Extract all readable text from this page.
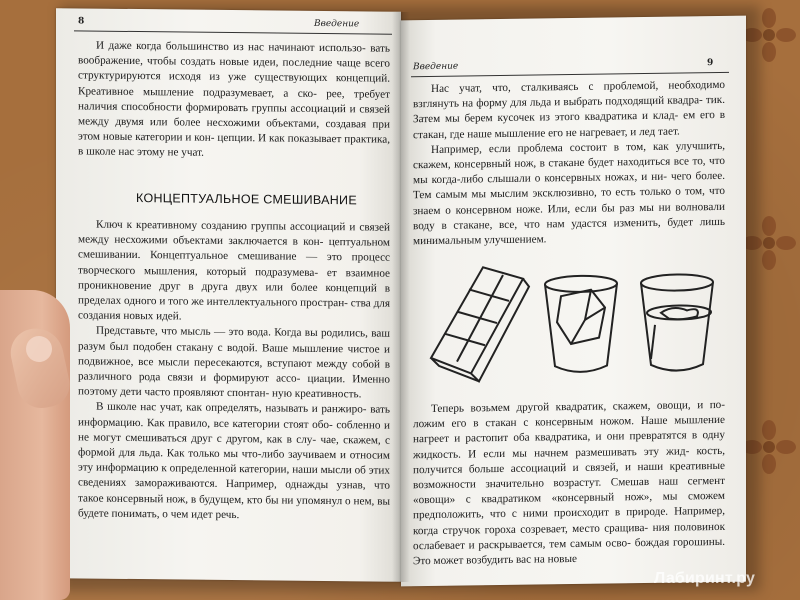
8	Введение

И даже когда большинство из нас начинают использо- вать воображение, чтобы создать новые идеи, последние чаще всего структурируются исходя из уже существующих концепций. Креативное мышление подразумевает, а ско- рее, требует наличия способности формировать группы ассоциаций и связей между двумя или более несхожими объектами, создавая при этом новые категории и кон- цепции. И как показывает практика, в школе нас этому не учат.

КОНЦЕПТУАЛЬНОЕ СМЕШИВАНИЕ

Ключ к креативному созданию группы ассоциаций и связей между несхожими объектами заключается в кон- цептуальном смешивании. Концептуальное смешивание — это процесс творческого мышления, который подразумева- ет взаимное проникновение друг в друга двух или более концепций в пределах одного и того же интеллектуального простран- ства для создания новых идей.

Представьте, что мысль — это вода. Когда вы родились, ваш разум был подобен стакану с водой. Ваше мышление чистое и подвижное, все мысли пересекаются, вступают между собой в различного рода связи и формируют ассо- циации. Именно поэтому дети часто проявляют спонтан- ную креативность.

В школе нас учат, как определять, называть и ранжиро- вать информацию. Как правило, все категории стоят обо- собленно и не могут смешиваться друг с другом, как в слу- чае, скажем, с формой для льда. Как только мы что-либо заучиваем и относим эту информацию к определенной категории, наши мысли об этих сведениях замораживаются. Например, однажды узнав, что такое консервный нож, в будущем, кто бы ни упомянул о нем, вы будете понимать, о чем идет речь.

Введение	9

Нас учат, что, сталкиваясь с проблемой, необходимо взглянуть на форму для льда и выбрать подходящий квадра- тик. Затем мы берем кусочек из этого квадратика и клад- ем его в стакан, где наше мышление его не нагревает, и лед тает.

Например, если проблема состоит в том, как улучшить, скажем, консервный нож, в стакане будет находиться все то, что мы когда-либо слышали о консервных ножах, и ни- чего более. Тем самым мы мыслим эксклюзивно, то есть только о том, что знаем о консервном ноже. Или, если бы раз мы ни волновали воду в стакане, все, что нам удастся изменить, будет лишь минимальным улучшением.

Теперь возьмем другой квадратик, скажем, овощи, и по- ложим его в стакан с консервным ножом. Наше мышление нагреет и растопит оба квадратика, и они превратятся в одну жидкость. И если мы начнем размешивать эту жид- кость, получится больше ассоциаций и связей, и наши креативные возможности значительно возрастут. Смешав наш сегмент «овощи» с квадратиком «консервный нож», мы сможем предположить, что с ними происходит в природе. Например, когда стручок гороха созревает, место сращива- ния половинок ослабевает и раскрывается, тем самым осво- бождая горошины. Это может возбудить вас на новые

Лабиринт.ру
